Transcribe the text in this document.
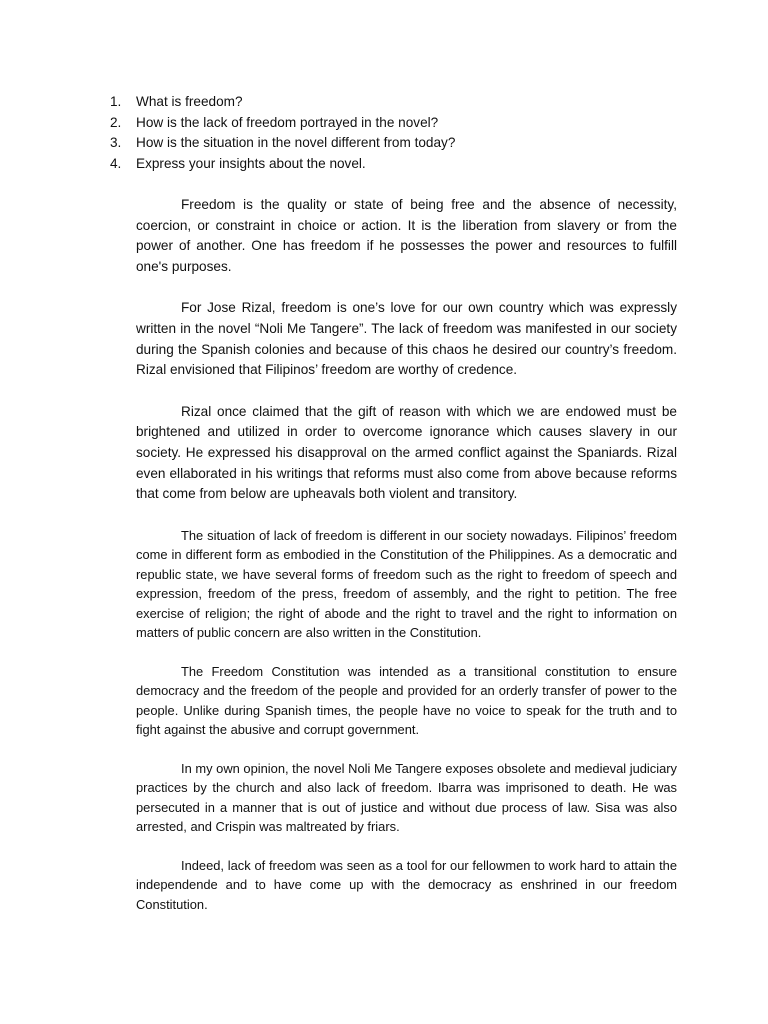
1.	What is freedom?
2.	How is the lack of freedom portrayed in the novel?
3.	How is the situation in the novel different from today?
4.	Express your insights about the novel.

Freedom is the quality or state of being free and the absence of necessity, coercion, or constraint in choice or action. It is the liberation from slavery or from the power of another. One has freedom if he possesses the power and resources to fulfill one's purposes.

For Jose Rizal, freedom is one’s love for our own country which was expressly written in the novel “Noli Me Tangere”. The lack of freedom was manifested in our society during the Spanish colonies and because of this chaos he desired our country’s freedom. Rizal envisioned that Filipinos’ freedom are worthy of credence.

Rizal once claimed that the gift of reason with which we are endowed must be brightened and utilized in order to overcome ignorance which causes slavery in our society. He expressed his disapproval on the armed conflict against the Spaniards. Rizal even ellaborated in his writings that reforms must also come from above because reforms that come from below are upheavals both violent and transitory.

The situation of lack of freedom is different in our society nowadays. Filipinos’ freedom come in different form as embodied in the Constitution of the Philippines. As a democratic and republic state, we have several forms of freedom such as the right to freedom of speech and expression, freedom of the press, freedom of assembly, and the right to petition. The free exercise of religion; the right of abode and the right to travel and the right to information on matters of public concern are also written in the Constitution.

The Freedom Constitution was intended as a transitional constitution to ensure democracy and the freedom of the people and provided for an orderly transfer of power to the people. Unlike during Spanish times, the people have no voice to speak for the truth and to fight against the abusive and corrupt government.

In my own opinion, the novel Noli Me Tangere exposes obsolete and medieval judiciary practices by the church and also lack of freedom. Ibarra was imprisoned to death. He was persecuted in a manner that is out of justice and without due process of law. Sisa was also arrested, and Crispin was maltreated by friars.

Indeed, lack of freedom was seen as a tool for our fellowmen to work hard to attain the independende and to have come up with the democracy as enshrined in our freedom Constitution.
